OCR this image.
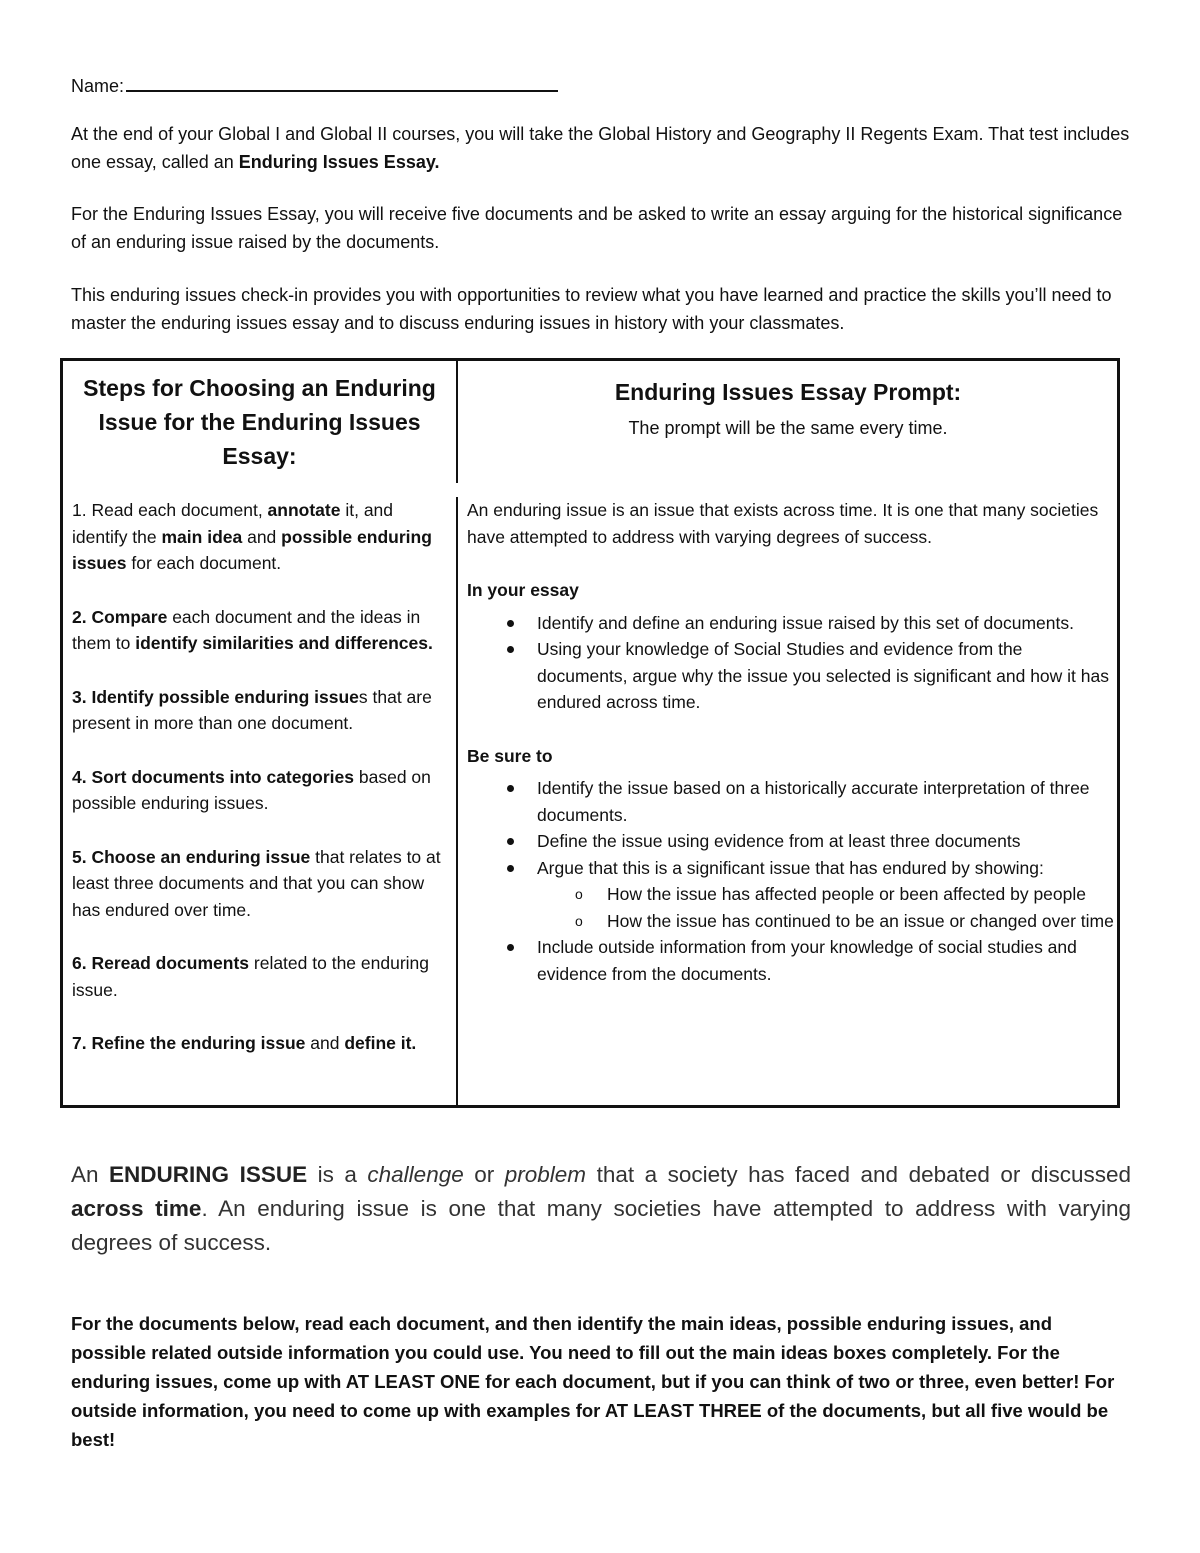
Name:

At the end of your Global I and Global II courses, you will take the Global History and Geography II Regents Exam. That test includes one essay, called an Enduring Issues Essay.

For the Enduring Issues Essay, you will receive five documents and be asked to write an essay arguing for the historical significance of an enduring issue raised by the documents.

This enduring issues check-in provides you with opportunities to review what you have learned and practice the skills you’ll need to master the enduring issues essay and to discuss enduring issues in history with your classmates.

Steps for Choosing an Enduring Issue for the Enduring Issues Essay:
Enduring Issues Essay Prompt:
The prompt will be the same every time.

1. Read each document, annotate it, and identify the main idea and possible enduring issues for each document.

2. Compare each document and the ideas in them to identify similarities and differences.

3. Identify possible enduring issues that are present in more than one document.

4. Sort documents into categories based on possible enduring issues.

5. Choose an enduring issue that relates to at least three documents and that you can show has endured over time.

6. Reread documents related to the enduring issue.

7. Refine the enduring issue and define it.

An enduring issue is an issue that exists across time. It is one that many societies have attempted to address with varying degrees of success.

In your essay

Identify and define an enduring issue raised by this set of documents.
Using your knowledge of Social Studies and evidence from the documents, argue why the issue you selected is significant and how it has endured across time.

Be sure to

Identify the issue based on a historically accurate interpretation of three documents.
Define the issue using evidence from at least three documents
Argue that this is a significant issue that has endured by showing:
o How the issue has affected people or been affected by people
o How the issue has continued to be an issue or changed over time
Include outside information from your knowledge of social studies and evidence from the documents.

An ENDURING ISSUE is a challenge or problem that a society has faced and debated or discussed across time. An enduring issue is one that many societies have attempted to address with varying degrees of success.

For the documents below, read each document, and then identify the main ideas, possible enduring issues, and possible related outside information you could use. You need to fill out the main ideas boxes completely. For the enduring issues, come up with AT LEAST ONE for each document, but if you can think of two or three, even better! For outside information, you need to come up with examples for AT LEAST THREE of the documents, but all five would be best!
